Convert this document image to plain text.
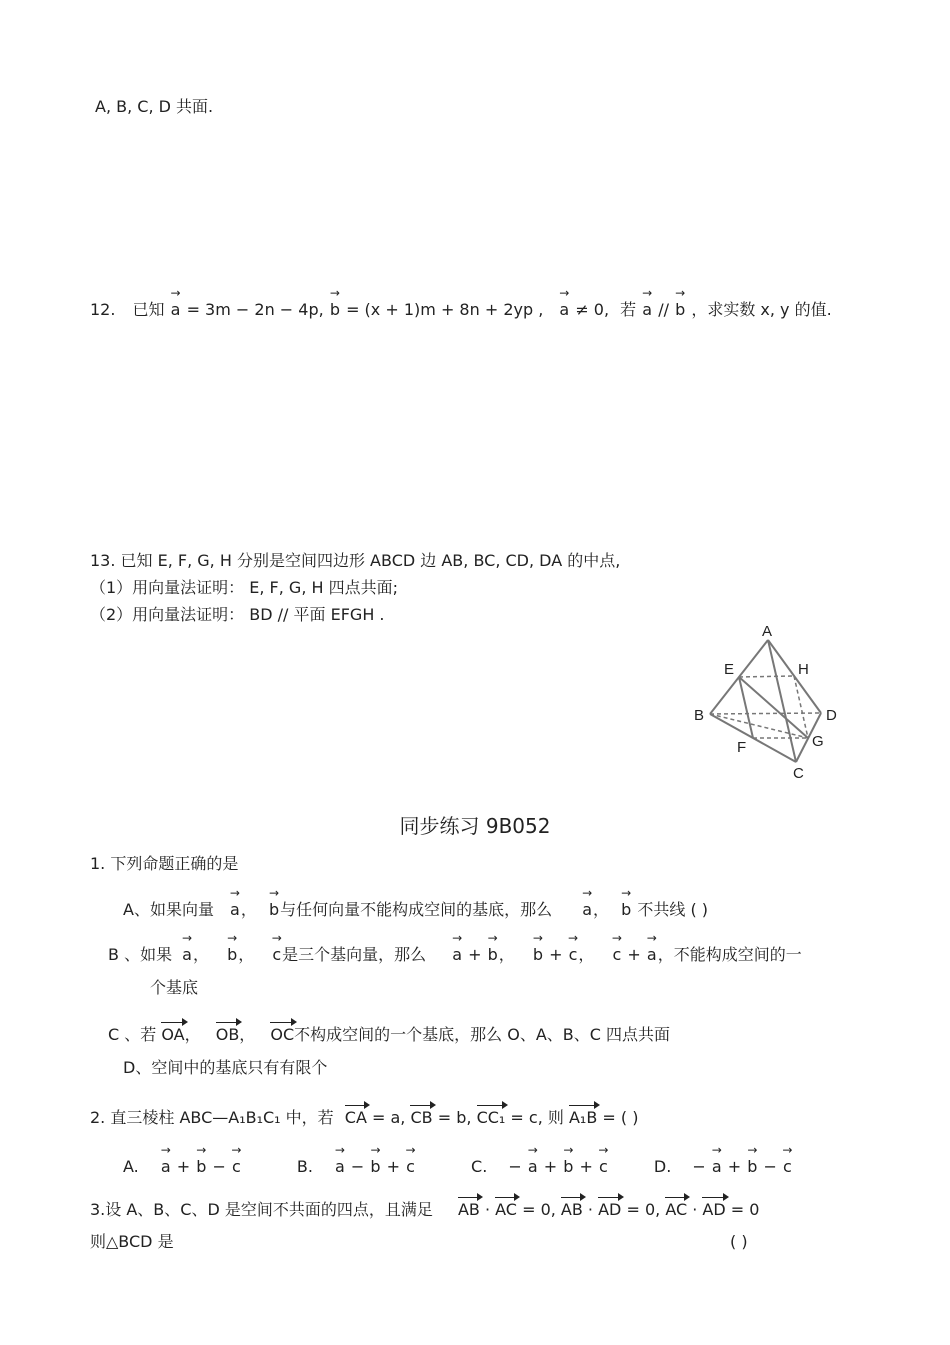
A, B, C, D 共面.
12. 已知 → a = 3m − 2n − 4p, → b = (x + 1)m + 8n + 2yp , → a ≠ 0, 若 → a // → b ，求实数 x, y 的值.
13. 已知 E, F, G, H 分别是空间四边形 ABCD 边 AB, BC, CD, DA 的中点,
（1）用向量法证明： E, F, G, H 四点共面;
（2）用向量法证明： BD // 平面 EFGH .
A
E	H
B	D
F	G
C
同步练习 9B052
1. 下列命题正确的是
A、如果向量 → a， → b与任何向量不能构成空间的基底，那么 → a， → b 不共线 ( )
B 、如果 → a， → b， → c是三个基向量，那么 → a + → b， → b + → c， → c + → a，不能构成空间的一
个基底
C 、若 OA， OB， OC不构成空间的一个基底，那么 O、A、B、C 四点共面
D、空间中的基底只有有限个
2. 直三棱柱 ABC—A₁B₁C₁ 中，若 CA = a, CB = b, CC₁ = c, 则 A₁B = ( )
A. → a + → b − → c	B. → a − → b + → c	C. − → a + → b + → c	D. − → a + → b − → c
3.设 A、B、C、D 是空间不共面的四点，且满足 AB · AC = 0, AB · AD = 0, AC · AD = 0
则△BCD 是	( )
